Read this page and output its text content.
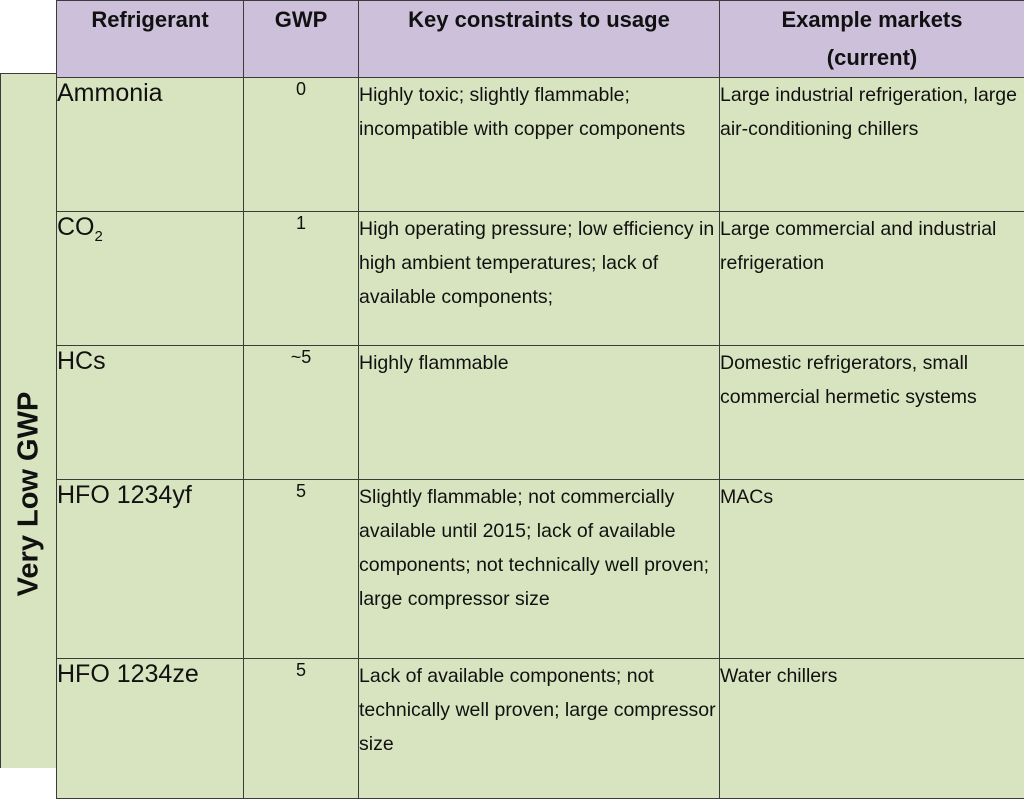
Very Low GWP
Refrigerant	GWP	Key constraints to usage	Example markets
(current)

Ammonia	0	Highly toxic; slightly flammable; incompatible with copper components	Large industrial refrigeration, large air-conditioning chillers
$CO_2$	1	High operating pressure; low efficiency in high ambient temperatures; lack of available components;	Large commercial and industrial refrigeration
HCs	~5	Highly flammable	Domestic refrigerators, small commercial hermetic systems
HFO 1234yf	5	Slightly flammable; not commercially available until 2015; lack of available components; not technically well proven; large compressor size	MACs
HFO 1234ze	5	Lack of available components; not technically well proven; large compressor size	Water chillers
